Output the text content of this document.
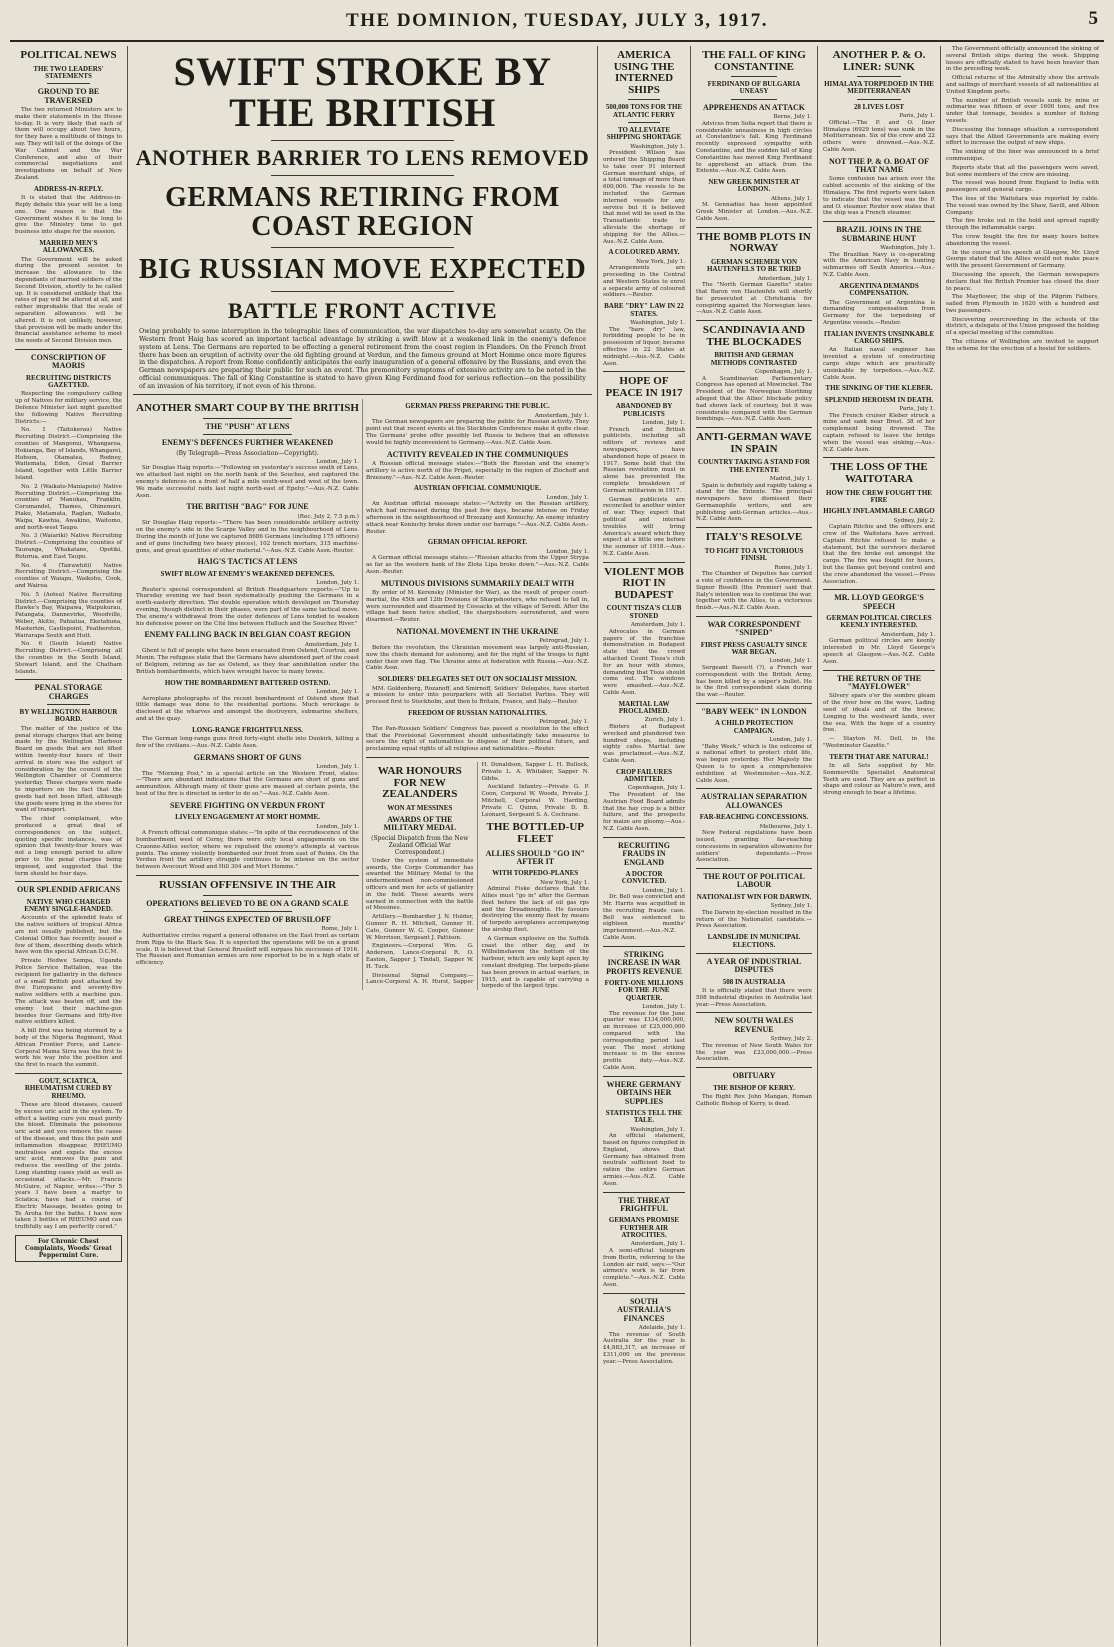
THE DOMINION, TUESDAY, JULY 3, 1917.	5
POLITICAL NEWS
THE TWO LEADERS' STATEMENTS
GROUND TO BE TRAVERSED

The two returned Ministers are to make their statements in the House to-day. It is very likely that each of them will occupy about two hours, for they have a multitude of things to say. They will tell of the doings of the War Cabinet and the War Conference, and also of their commercial negotiations and investigations on behalf of New Zealand.

ADDRESS-IN-REPLY.

It is stated that the Address-in-Reply debate this year will be a long one. One reason is that the Government wishes it to be long to give the Ministry time to get business into shape for the session.

MARRIED MEN'S ALLOWANCES.

The Government will be asked during the present session to increase the allowance to the dependants of married soldiers of the Second Division, shortly to be called up. It is considered unlikely that the rates of pay will be altered at all, and rather improbable that the scale of separation allowances will be altered. It is not unlikely, however, that provision will be made under the financial assistance scheme to meet the needs of Second Division men.

CONSCRIPTION OF MAORIS
RECRUITING DISTRICTS GAZETTED.

Respecting the compulsory calling up of Natives for military service, the Defence Minister last night gazetted the following Native Recruiting Districts:—

No. 1 (Taitokerau) Native Recruiting District.—Comprising the counties of Mangonui, Whangaroa, Hokianga, Bay of Islands, Whangarei, Hobson, Otamatea, Rodney, Waitemata, Eden, Great Barrier Island, together with Little Barrier Island.

No. 2 (Waikato-Maniapoto) Native Recruiting District.—Comprising the counties of Manukau, Franklin, Coromandel, Thames, Ohinemuri, Piako, Matamata, Raglan, Waikato, Waipa, Kawhia, Awakino, Waitomo, and north-west Taupo.

No. 3 (Waiariki) Native Recruiting District.—Comprising the counties of Tauranga, Whakatane, Opotiki, Rotorua, and East Taupo.

No. 4 (Tairawhiti) Native Recruiting District.—Comprising the counties of Waiapu, Waikohu, Cook, and Wairoa.

No. 5 (Aotea) Native Recruiting District.—Comprising the counties of Hawke's Bay, Waipawa, Waipukurau, Patangata, Dannevirke, Woodville, Weber, Akitio, Pahiatua, Eketahuna, Masterton, Castlepoint, Featherston, Wairarapa South and Hutt.

No. 6 (South Island) Native Recruiting District.—Comprising all the counties in the South Island, Stewart Island, and the Chatham Islands.

PENAL STORAGE CHARGES
BY WELLINGTON HARBOUR BOARD.

The matter of the justice of the penal storage charges that are being made by the Wellington Harbour Board on goods that are not lifted within twenty-four hours of their arrival in store was the subject of consideration by the council of the Wellington Chamber of Commerce yesterday. These charges were made to importers on the fact that the goods had not been lifted, although the goods were lying in the stores for want of transport.

The chief complainant, who produced a great deal of correspondence on the subject, quoting specific instances, was of opinion that twenty-four hours was not a long enough period to allow prior to the penal charges being imposed, and suggested that the term should be four days.

OUR SPLENDID AFRICANS
NATIVE WHO CHARGED ENEMY SINGLE-HANDED.

Accounts of the splendid feats of the native soldiers of tropical Africa are not usually published, but the Colonial Office has recently issued a few of them, describing deeds which have won the special African D.C.M.

Private Hedwe Sempa, Uganda Police Service Battalion, was the recipient for gallantry in the defence of a small British post attacked by five Europeans and seventy-five native soldiers with a machine gun. The attack was beaten off, and the enemy lost their machine-gun besides four Germans and fifty-five native soldiers killed.

A bill first was being stormed by a body of the Nigeria Regiment, West African Frontier Force, and Lance-Corporal Mama Sirra was the first to work his way into the position and the first to reach the summit.

GOUT, SCIATICA, RHEUMATISM CURED BY RHEUMO.

These are blood diseases, caused by excess uric acid in the system. To effect a lasting cure you must purify the blood. Eliminate the poisonous uric acid and you remove the cause of the disease, and thus the pain and inflammation disappear. RHEUMO neutralises and expels the excess uric acid, removes the pain and reduces the swelling of the joints. Long standing cases yield as well as occasional attacks.—Mr. Francis McGuire, of Napier, writes:—"For 5 years I have been a martyr to Sciatica; have had a course of Electric Massage, besides going to Te Aroha for the baths. I have now taken 3 bottles of RHEUMO and can truthfully say I am perfectly cured."

For Chronic Chest Complaints, Woods' Great Peppermint Cure.
SWIFT STROKE BY THE BRITISH
ANOTHER BARRIER TO LENS REMOVED
GERMANS RETIRING FROM COAST REGION
BIG RUSSIAN MOVE EXPECTED
BATTLE FRONT ACTIVE
Owing probably to some interruption in the telegraphic lines of communication, the war dispatches to-day are somewhat scanty. On the Western front Haig has scored an important tactical advantage by striking a swift blow at a weakened link in the enemy's defence system at Lens. The Germans are reported to be effecting a general retirement from the coast region in Flanders. On the French front there has been an eruption of activity over the old fighting ground at Verdun, and the famous ground at Mort Homme once more figures in the dispatches. A report from Rome confidently anticipates the early inauguration of a general offensive by the Russians, and even the German newspapers are preparing their public for such an event. The premonitory symptoms of extensive activity are to be noted in the official communiques. The fall of King Constantine is stated to have given King Ferdinand food for serious reflection—on the possibility of an invasion of his territory, if not even of his throne.
ANOTHER SMART COUP BY THE BRITISH
THE "PUSH" AT LENS
ENEMY'S DEFENCES FURTHER WEAKENED
(By Telegraph—Press Association—Copyright).
London, July 1.

Sir Douglas Haig reports:—"Following on yesterday's success south of Lens, we attacked last night on the north bank of the Souchez, and captured the enemy's defences on a front of half a mile south-west and west of the town. We made successful raids last night north-east of Epehy."—Aus.-N.Z. Cable Assn.

THE BRITISH "BAG" FOR JUNE
(Rec. July 2, 7.5 p.m.)

Sir Douglas Haig reports:—"There has been considerable artillery activity on the enemy's side in the Scarpe Valley and in the neighbourhood of Lens. During the month of June we captured 8686 Germans (including 175 officers) and of guns (including two heavy pieces), 102 trench mortars, 315 machine-guns, and great quantities of other material."—Aus.-N.Z. Cable Assn.-Reuter.

HAIG'S TACTICS AT LENS
SWIFT BLOW AT ENEMY'S WEAKENED DEFENCES.
London, July 1.

Reuter's special correspondent at British Headquarters reports:—"Up to Thursday evening we had been systematically pushing the Germans in a north-easterly direction. The double operation which developed on Thursday evening, though distinct in their phases, were part of the same tactical move. The enemy's withdrawal from the outer defences of Lens tended to weaken his defensive power on the Cité line between Hulluch and the Souchez River."

ENEMY FALLING BACK IN BELGIAN COAST REGION
Amsterdam, July 1.

Ghent is full of people who have been evacuated from Ostend, Courtrai, and Menin. The refugees state that the Germans have abandoned part of the coast of Belgium, retiring as far as Ostend, as they fear annihilation under the British bombardments, which have wrought havoc to many towns.

HOW THE BOMBARDMENT BATTERED OSTEND.
London, July 1.

Aeroplane photographs of the recent bombardment of Ostend show that little damage was done to the residential portions. Much wreckage is disclosed at the wharves and amongst the destroyers, submarine shelters, and at the quay.

LONG-RANGE FRIGHTFULNESS.

The German long-range guns fired forty-eight shells into Dunkirk, killing a few of the civilians.—Aus.-N.Z. Cable Assn.

GERMANS SHORT OF GUNS
London, July 1.

The "Morning Post," in a special article on the Western Front, states:—"There are abundant indications that the Germans are short of guns and ammunition. Although many of their guns are massed at certain points, the best of the fire is directed in order to do so."—Aus.-N.Z. Cable Assn.

SEVERE FIGHTING ON VERDUN FRONT
LIVELY ENGAGEMENT AT MORT HOMME.
London, July 1.

A French official communique states:—"In spite of the recrudescence of the bombardment west of Cerny, there were only local engagements on the Craonne-Ailles sector, where we repulsed the enemy's attempts at various points. The enemy violently bombarded our front from east of Reims. On the Verdun front the artillery struggle continues to be intense on the sector between Avocourt Wood and Hill 304 and Mort Homme."

RUSSIAN OFFENSIVE IN THE AIR
OPERATIONS BELIEVED TO BE ON A GRAND SCALE
GREAT THINGS EXPECTED OF BRUSILOFF
Rome, July 1.

Authoritative circles regard a general offensive on the East front as certain from Riga to the Black Sea. It is expected the operations will be on a grand scale. It is believed that General Brusiloff will surpass his successes of 1916. The Russian and Rumanian armies are now reported to be in a high state of efficiency.

GERMAN PRESS PREPARING THE PUBLIC.
Amsterdam, July 1.

The German newspapers are preparing the public for Russian activity. They point out that recent events at the Stockholm Conference make it quite clear. The Germans' probe offer possibly led Russia to believe that an offensive would be highly inconvenient to Germany.—Aus.-N.Z. Cable Assn.

ACTIVITY REVEALED IN THE COMMUNIQUES

A Russian official message states:—"Both the Russian and the enemy's artillery is active north of the Pripet, especially in the region of Zlochoff and Brzezany."—Aus.-N.Z. Cable Assn.-Reuter.

AUSTRIAN OFFICIAL COMMUNIQUE.
London, July 1.

An Austrian official message states:—"Activity on the Russian artillery, which had increased during the past few days, became intense on Friday afternoon in the neighbourhood of Brzezany and Koniuchy. An enemy infantry attack near Koniuchy broke down under our barrage."—Aus.-N.Z. Cable Assn.-Reuter.

GERMAN OFFICIAL REPORT.
London, July 1.

A German official message states:—"Russian attacks from the Upper Strypa as far as the western bank of the Zlota Lipa broke down."—Aus.-N.Z. Cable Assn.-Reuter.

MUTINOUS DIVISIONS SUMMARILY DEALT WITH

By order of M. Kerensky (Minister for War), as the result of proper court-martial, the 45th and 12th Divisions of Sharpshooters, who refused to fall in, were surrounded and disarmed by Cossacks at the village of Seredi. After the village had been twice shelled, the sharpshooters surrendered, and were disarmed.—Reuter.

NATIONAL MOVEMENT IN THE UKRAINE
Petrograd, July 1.

Before the revolution, the Ukrainian movement was largely anti-Russian, now the chiefs demand for autonomy, and for the right of the troops to fight under their own flag. The Ukraine aims at federation with Russia.—Aus.-N.Z. Cable Assn.

SOLDIERS' DELEGATES SET OUT ON SOCIALIST MISSION.

MM. Goldenberg, Rozanoff, and Smirnoff, Soldiers' Delegates, have started a mission to enter into pourparlers with all Socialist Parties. They will proceed first to Stockholm, and then to Britain, France, and Italy.—Reuter.

FREEDOM OF RUSSIAN NATIONALITIES.
Petrograd, July 1.

The Pan-Russian Soldiers' Congress has passed a resolution to the effect that the Provisional Government should unhesitatingly take measures to secure the right of nationalities to dispose of their political future, and proclaiming equal rights of all religious and nationalities.—Reuter.

WAR HONOURS FOR NEW ZEALANDERS
WON AT MESSINES
AWARDS OF THE MILITARY MEDAL
(Special Dispatch from the New Zealand Official War Correspondent.)

Under the system of immediate awards, the Corps Commander has awarded the Military Medal to the undermentioned non-commissioned officers and men for acts of gallantry in the field. These awards were earned in connection with the battle of Messines.

Artillery.—Bombardier J. N. Holder, Gunner R. H. Mitchell, Gunner H. Cato, Gunner W. G. Cooper, Gunner W. Morrison, Sergeant J. Pattison.

Engineers.—Corporal Wm. G. Anderson, Lance-Corporal R. O. Easton, Sapper J. Tindall, Sapper W. H. Tuck.

Divisional Signal Company.—Lance-Corporal A. H. Hurst, Sapper H. Donaldson, Sapper L. H. Bullock, Private L. A. Whitaker, Sapper N. Gibbs.

Auckland Infantry.—Private G. P. Coon, Corporal W. Woods, Private J. Mitchell, Corporal W. Harding, Private C. Quinn, Private D. B. Leonard, Sergeant S. A. Cochrane.

THE BOTTLED-UP FLEET
ALLIES SHOULD "GO IN" AFTER IT
WITH TORPEDO-PLANES
New York, July 1.

Admiral Fiske declares that the Allies must "go in" after the German fleet before the lack of oil gas rps and the Dreadnoughts. He favours destroying the enemy fleet by means of torpedo aeroplanes accompanying the airship fleet.

A German explosive on the Suffolk coast the other day, and in Wilhelmshaven the bottom of the harbour, which are only kept open by constant dredging. The torpedo-plane has been proven in actual warfare, in 1915, and is capable of carrying a torpedo of the largest type.

AMERICA USING THE INTERNED SHIPS
500,000 TONS FOR THE ATLANTIC FERRY
TO ALLEVIATE SHIPPING SHORTAGE
Washington, July 1.

President Wilson has ordered the Shipping Board to take over 91 interned German merchant ships, of a total tonnage of more than 600,000. The vessels to be included the German interned vessels for any service but it is believed that most will be used in the Transatlantic trade to alleviate the shortage of shipping for the Allies.—Aus.-N.Z. Cable Assn.

A COLOURED ARMY.
New York, July 1.

Arrangements are proceeding in the Central and Western States to enrol a separate army of coloured soldiers.—Reuter.

BARE "DRY" LAW IN 22 STATES.
Washington, July 1.

The "bare dry" law, forbidding people to be in possession of liquor, became effective in 22 States at midnight.—Aus.-N.Z. Cable Assn.

HOPE OF PEACE IN 1917
ABANDONED BY PUBLICISTS
London, July 1.

French and British publicists, including all editors of reviews and newspapers, have abandoned hope of peace in 1917. Some hold that the Russian revolution must in alone has prevented the complete breakdown of German militarism in 1917.

German publicists are reconciled to another winter of war. They expect that political and internal troubles will bring America's award which they expect at a little one before the summer of 1918.—Aus.-N.Z. Cable Assn.

VIOLENT MOB RIOT IN BUDAPEST
COUNT TISZA'S CLUB STONED
Amsterdam, July 1.

Advocates in German papers of the franchise demonstration in Budapest state that the crowd attacked Count Tisza's club for an hour with stones, demanding that Tisza should come out. The windows were smashed.—Aus.-N.Z. Cable Assn.

MARTIAL LAW PROCLAIMED.
Zurich, July 1.

Rioters at Budapest wrecked and plundered two hundred shops, including eighty cafes. Martial law was proclaimed.—Aus.-N.Z. Cable Assn.

CROP FAILURES ADMITTED.
Copenhagen, July 1.

The President of the Austrian Food Board admits that the hay crop is a bitter failure, and the prospects for maize are gloomy.—Aus.-N.Z. Cable Assn.

RECRUITING FRAUDS IN ENGLAND
A DOCTOR CONVICTED.
London, July 1.

Dr. Bell was convicted and Mr. Harris was acquitted in the recruiting frauds case. Bell was sentenced to eighteen months' imprisonment.—Aus.-N.Z. Cable Assn.

STRIKING INCREASE IN WAR PROFITS REVENUE
FORTY-ONE MILLIONS FOR THE JUNE QUARTER.
London, July 1.

The revenue for the June quarter was £134,000,000, an increase of £25,000,000 compared with the corresponding period last year. The most striking increase is in the excess profits duty.—Aus.-N.Z. Cable Assn.

WHERE GERMANY OBTAINS HER SUPPLIES
STATISTICS TELL THE TALE.
Washington, July 1.

An official statement, based on figures compiled in England, shows that Germany has obtained from neutrals sufficient food to ration the entire German armies.—Aus.-N.Z. Cable Assn.

THE THREAT FRIGHTFUL
GERMANS PROMISE FURTHER AIR ATROCITIES.
Amsterdam, July 1.

A semi-official telegram from Berlin, referring to the London air raid, says:—"Our airmen's work is far from complete."—Aus.-N.Z. Cable Assn.

SOUTH AUSTRALIA'S FINANCES
Adelaide, July 1.

The revenue of South Australia for the year is £4,883,317, an increase of £311,000 on the previous year.—Press Association.

THE FALL OF KING CONSTANTINE
FERDINAND OF BULGARIA UNEASY
APPREHENDS AN ATTACK
Berne, July 1.

Advices from Sofia report that there is considerable uneasiness in high circles at Constantine's fall. King Ferdinand recently expressed sympathy with Constantine, and the sudden fall of King Constantine has moved King Ferdinand to apprehend an attack from the Entente.—Aus.-N.Z. Cable Assn.

NEW GREEK MINISTER AT LONDON.
Athens, July 1.

M. Gennadius has been appointed Greek Minister at London.—Aus.-N.Z. Cable Assn.

THE BOMB PLOTS IN NORWAY
GERMAN SCHEMER VON HAUTENFELS TO BE TRIED
Amsterdam, July 1.

The "North German Gazette" states that Baron von Hautenfels will shortly be prosecuted at Christiania for conspiring against the Norwegian laws.—Aus.-N.Z. Cable Assn.

SCANDINAVIA AND THE BLOCKADES
BRITISH AND GERMAN METHODS CONTRASTED
Copenhagen, July 1.

A Scandinavian Parliamentary Congress has opened at Mowinckel. The President of the Norwegian Storthing alleged that the Allies' blockade policy had shown lack of courtesy, but it was considerate compared with the German bombings.—Aus.-N.Z. Cable Assn.

ANTI-GERMAN WAVE IN SPAIN
COUNTRY TAKING A STAND FOR THE ENTENTE
Madrid, July 1.

Spain is definitely and rapidly taking a stand for the Entente. The principal newspapers have dismissed their Germanophile writers, and are publishing anti-German articles.—Aus.-N.Z. Cable Assn.

ITALY'S RESOLVE
TO FIGHT TO A VICTORIOUS FINISH.
Rome, July 1.

The Chamber of Deputies has carried a vote of confidence in the Government. Signor Boselli (the Premier) said that Italy's intention was to continue the war, together with the Allies, to a victorious finish.—Aus.-N.Z. Cable Assn.

WAR CORRESPONDENT "SNIPED"
FIRST PRESS CASUALTY SINCE WAR BEGAN.
London, July 1.

Sergeant Bassett (?), a French war correspondent with the British Army, has been killed by a sniper's bullet. He is the first correspondent slain during the war.—Reuter.

"BABY WEEK" IN LONDON
A CHILD PROTECTION CAMPAIGN.
London, July 1.

"Baby Week," which is the outcome of a national effort to protect child life, was begun yesterday. Her Majesty the Queen is to open a comprehensive exhibition at Westminster.—Aus.-N.Z. Cable Assn.

AUSTRALIAN SEPARATION ALLOWANCES
FAR-REACHING CONCESSIONS.
Melbourne, July 1.

New Federal regulations have been issued, granting far-reaching concessions in separation allowances for soldiers' dependants.—Press Association.

THE ROUT OF POLITICAL LABOUR
NATIONALIST WIN FOR DARWIN.
Sydney, July 1.

The Darwin by-election resulted in the return of the Nationalist candidate.—Press Association.

LANDSLIDE IN MUNICIPAL ELECTIONS.
A YEAR OF INDUSTRIAL DISPUTES
508 IN AUSTRALIA

It is officially stated that there were 508 industrial disputes in Australia last year.—Press Association.

NEW SOUTH WALES REVENUE
Sydney, July 2.

The revenue of New South Wales for the year was £23,000,000.—Press Association.

OBITUARY
THE BISHOP OF KERRY.

The Right Rev. John Mangan, Roman Catholic Bishop of Kerry, is dead.

ANOTHER P. & O. LINER: SUNK
HIMALAYA TORPEDOED IN THE MEDITERRANEAN
28 LIVES LOST
Paris, July 1.

Official.—The P. and O. liner Himalaya (6929 tons) was sunk in the Mediterranean. Six of the crew and 22 others were drowned.—Aus.-N.Z. Cable Assn.

NOT THE P. & O. BOAT OF THAT NAME

Some confusion has arisen over the cabled accounts of the sinking of the Himalaya. The first reports were taken to indicate that the vessel was the P. and O. steamer. Reuter now states that the ship was a French steamer.

BRAZIL JOINS IN THE SUBMARINE HUNT
Washington, July 1.

The Brazilian Navy is co-operating with the American Navy in hunting submarines off South America.—Aus.-N.Z. Cable Assn.

ARGENTINA DEMANDS COMPENSATION.

The Government of Argentina is demanding compensation from Germany for the torpedoing of Argentine vessels.—Reuter.

ITALIAN INVENTS UNSINKABLE CARGO SHIPS.

An Italian naval engineer has invented a system of constructing cargo ships which are practically unsinkable by torpedoes.—Aus.-N.Z. Cable Assn.

THE SINKING OF THE KLEBER.
SPLENDID HEROISM IN DEATH.
Paris, July 1.

The French cruiser Kleber struck a mine and sank near Brest. 38 of her complement being drowned. The captain refused to leave the bridge when the vessel was sinking.—Aus.-N.Z. Cable Assn.

THE LOSS OF THE WAITOTARA
HOW THE CREW FOUGHT THE FIRE
HIGHLY INFLAMMABLE CARGO
Sydney, July 2.

Captain Ritchie and the officers and crew of the Waitotara have arrived. Captain Ritchie refused to make a statement, but the survivors declared that the fire broke out amongst the cargo. The fire was fought for hours, but the flames got beyond control and the crew abandoned the vessel.—Press Association.

MR. LLOYD GEORGE'S SPEECH
GERMAN POLITICAL CIRCLES KEENLY INTERESTED.
Amsterdam, July 1.

German political circles are keenly interested in Mr. Lloyd George's speech at Glasgow.—Aus.-N.Z. Cable Assn.

THE RETURN OF THE "MAYFLOWER"

Silvery spars o'er the sombre gleam of the river bow on the wave, Lading seed of ideals and of the brave; Longing to the westward lands, over the sea, With the hope of a country free.

— Stayton M. Dell, in the "Westminster Gazette."

TEETH THAT ARE NATURAL!

In all Sets supplied by Mr. Sommerville Specialist Anatomical Teeth are used. They are as perfect in shape and colour as Nature's own, and strong enough to bear a lifetime.

The Government officially announced the sinking of several British ships during the week. Shipping losses are officially stated to have been heavier than in the preceding week.

Official returns of the Admiralty show the arrivals and sailings of merchant vessels of all nationalities at United Kingdom ports.

The number of British vessels sunk by mine or submarine was fifteen of over 1600 tons, and five under that tonnage, besides a number of fishing vessels.

Discussing the tonnage situation a correspondent says that the Allied Governments are making every effort to increase the output of new ships.

The sinking of the liner was announced in a brief communique.

Reports state that all the passengers were saved, but some members of the crew are missing.

The vessel was bound from England to India with passengers and general cargo.

The loss of the Waitotara was reported by cable. The vessel was owned by the Shaw, Savill, and Albion Company.

The fire broke out in the hold and spread rapidly through the inflammable cargo.

The crew fought the fire for many hours before abandoning the vessel.

In the course of his speech at Glasgow, Mr. Lloyd George stated that the Allies would not make peace with the present Government of Germany.

Discussing the speech, the German newspapers declare that the British Premier has closed the door to peace.

The Mayflower, the ship of the Pilgrim Fathers, sailed from Plymouth in 1620 with a hundred and two passengers.

Discovering overcrowding in the schools of the district, a delegate of the Union proposed the holding of a special meeting of the committee.

The citizens of Wellington are invited to support the scheme for the erection of a hostel for soldiers.
